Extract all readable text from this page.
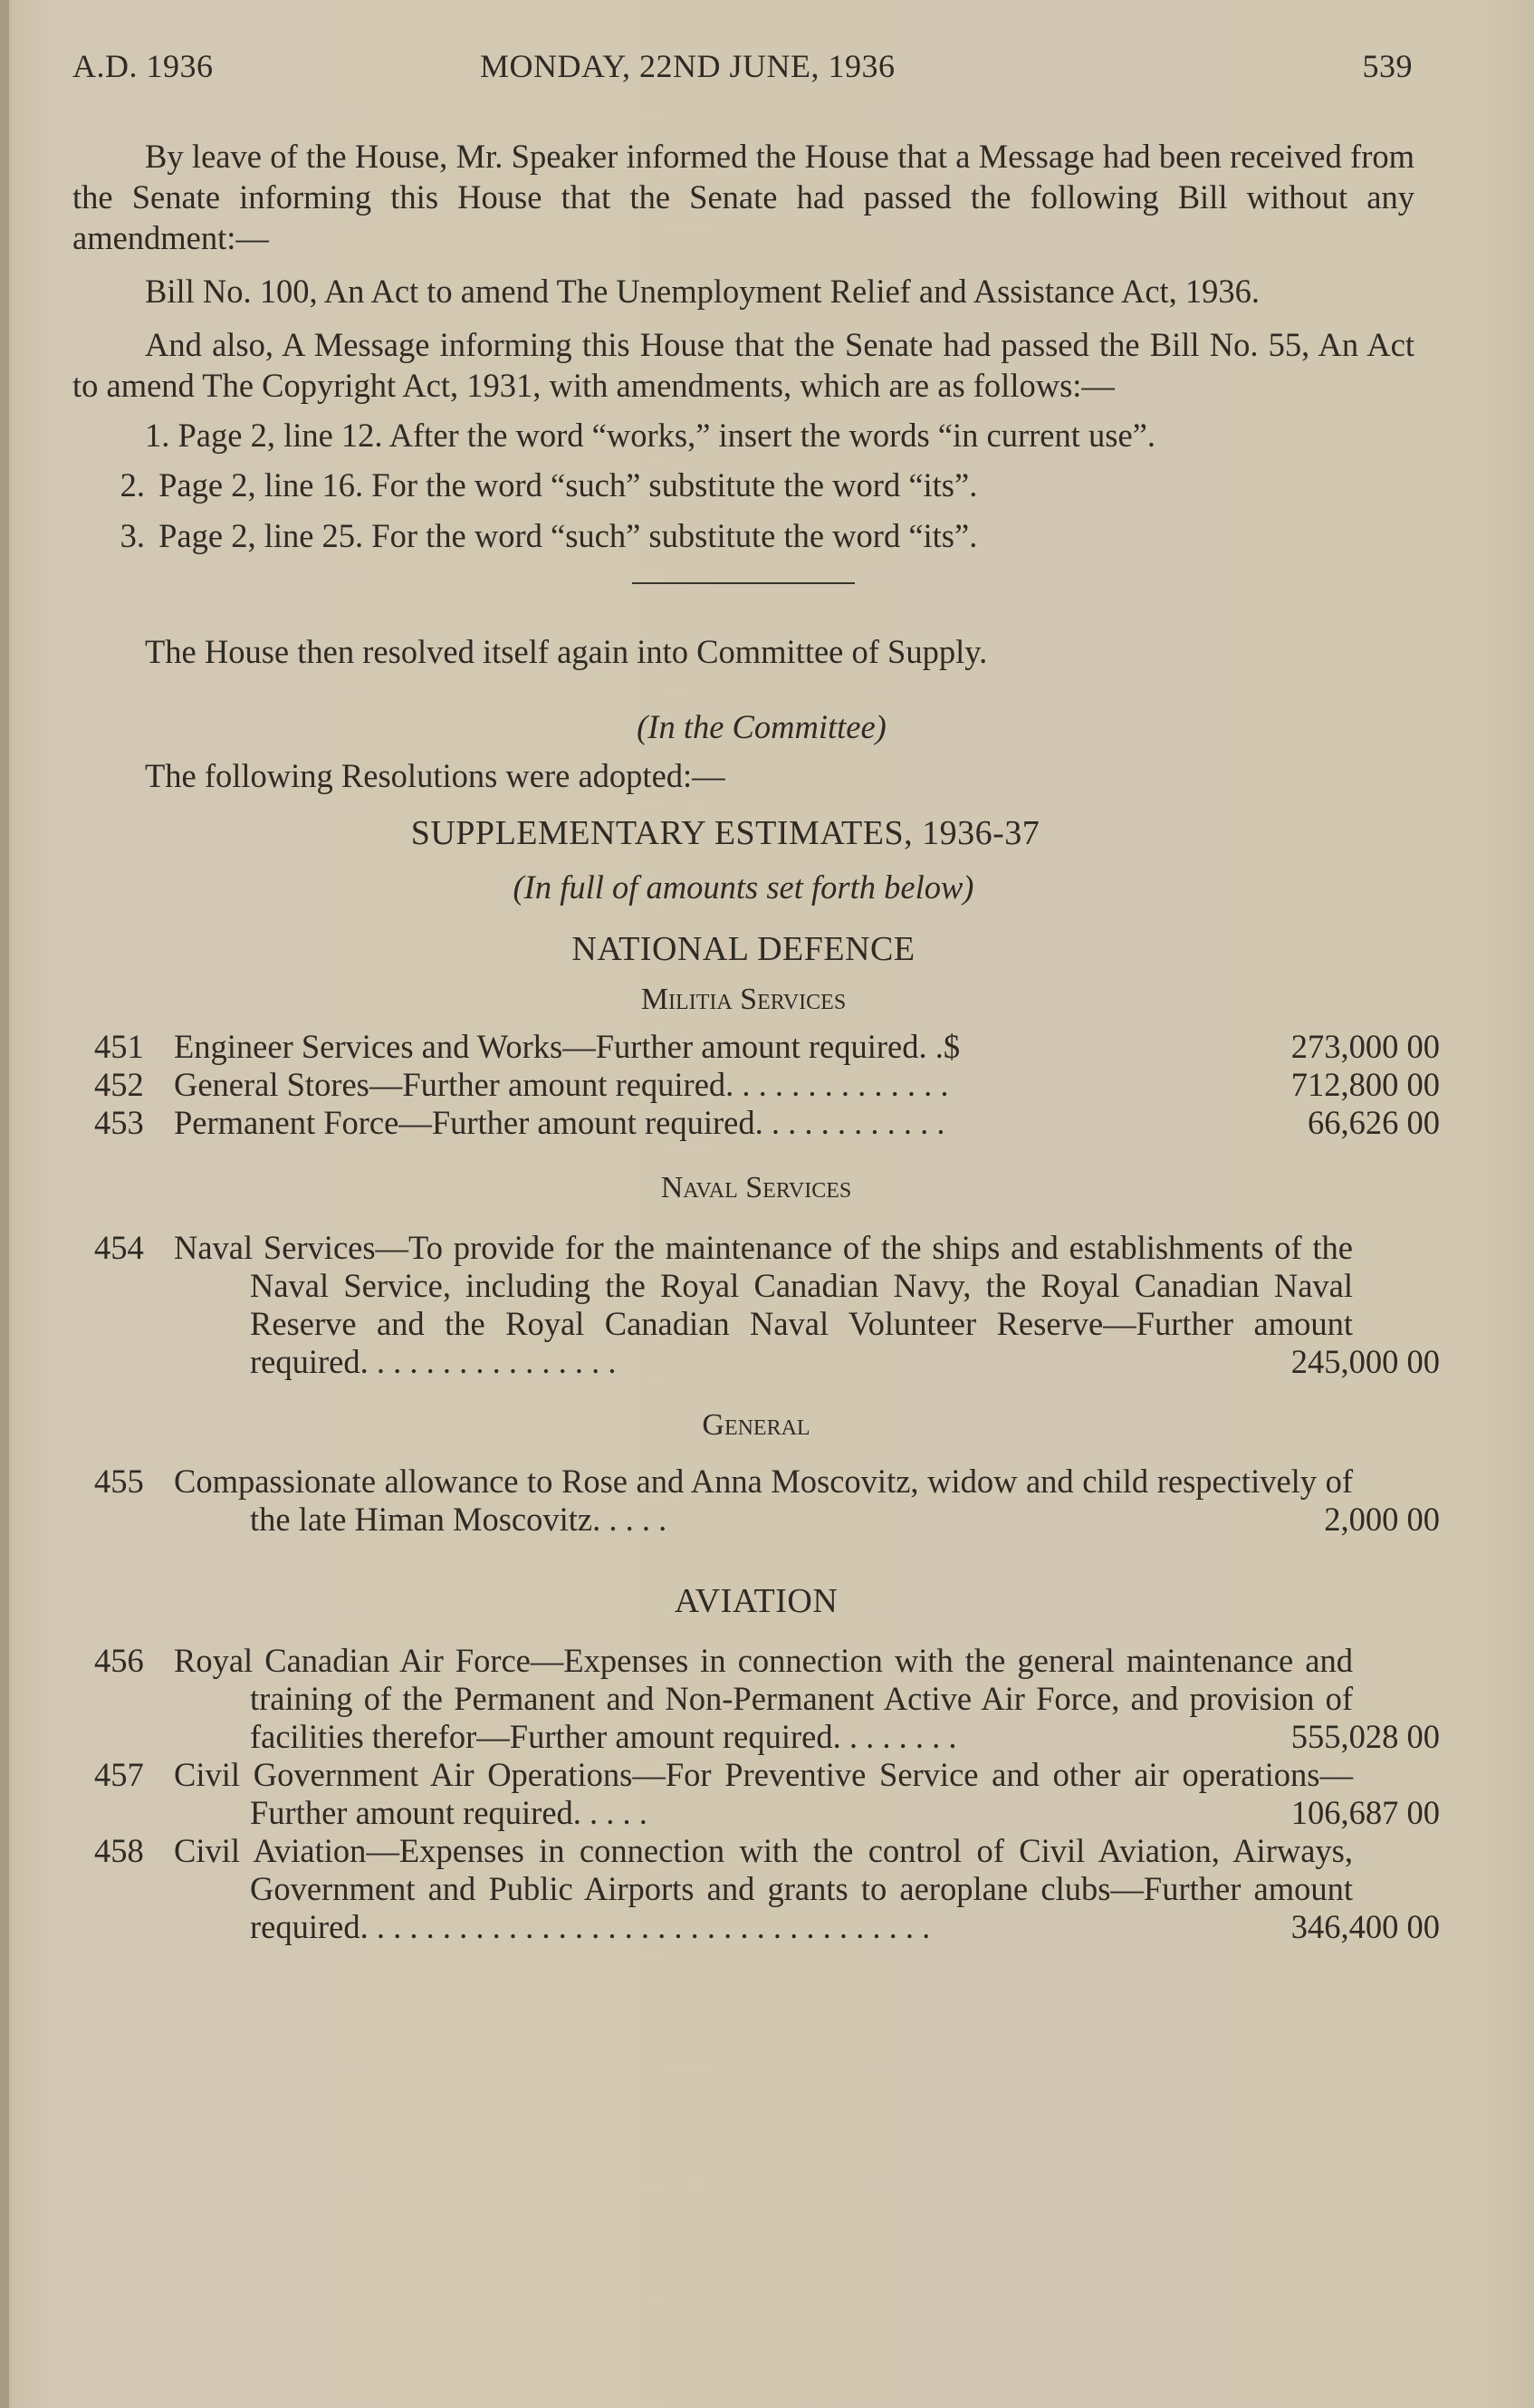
A.D. 1936	MONDAY, 22ND JUNE, 1936	539

By leave of the House, Mr. Speaker informed the House that a Message had been received from the Senate informing this House that the Senate had passed the following Bill without any amendment:—

Bill No. 100, An Act to amend The Unemployment Relief and Assistance Act, 1936.

And also, A Message informing this House that the Senate had passed the Bill No. 55, An Act to amend The Copyright Act, 1931, with amendments, which are as follows:—

1. Page 2, line 12. After the word “works,” insert the words “in current use”.

2. Page 2, line 16. For the word “such” substitute the word “its”.
3. Page 2, line 25. For the word “such” substitute the word “its”.

The House then resolved itself again into Committee of Supply.

(In the Committee)

The following Resolutions were adopted:—

SUPPLEMENTARY ESTIMATES, 1936-37
(In full of amounts set forth below)
NATIONAL DEFENCE
Militia Services
451 Engineer Services and Works—Further amount required. .$	273,000 00
452 General Stores—Further amount required. . . . . . . . . . . . . .	712,800 00
453 Permanent Force—Further amount required. . . . . . . . . . . .	66,626 00
Naval Services
454 Naval Services—To provide for the maintenance of the ships and establishments of the Naval Service, including the Royal Canadian Navy, the Royal Canadian Naval Reserve and the Royal Canadian Naval Volunteer Reserve—Further amount required. . . . . . . . . . . . . . . .	245,000 00
General
455 Compassionate allowance to Rose and Anna Moscovitz, widow and child respectively of the late Himan Moscovitz. . . . .	2,000 00
AVIATION
456 Royal Canadian Air Force—Expenses in connection with the general maintenance and training of the Permanent and Non-Permanent Active Air Force, and provision of facilities therefor—Further amount required. . . . . . . .	555,028 00
457 Civil Government Air Operations—For Preventive Service and other air operations—Further amount required. . . . .	106,687 00
458 Civil Aviation—Expenses in connection with the control of Civil Aviation, Airways, Government and Public Airports and grants to aeroplane clubs—Further amount required. . . . . . . . . . . . . . . . . . . . . . . . . . . . . . . . . . .	346,400 00
